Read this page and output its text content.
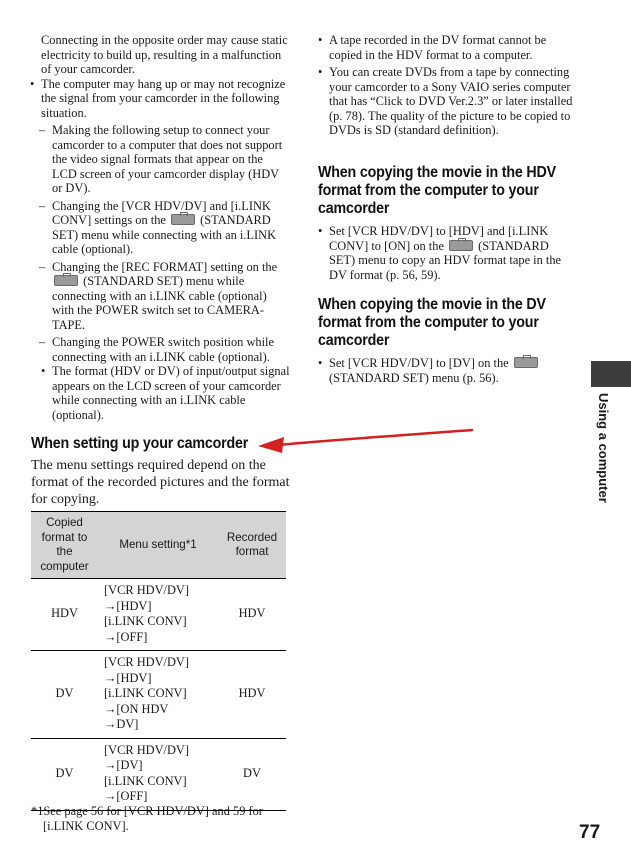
Connecting in the opposite order may cause static electricity to build up, resulting in a malfunction of your camcorder.

• The computer may hang up or may not recognize the signal from your camcorder in the following situation.

– Making the following setup to connect your camcorder to a computer that does not support the video signal formats that appear on the LCD screen of your camcorder display (HDV or DV).

– Changing the [VCR HDV/DV] and [i.LINK CONV] settings on the	(STANDARD SET) menu while connecting with an i.LINK cable (optional).

– Changing the [REC FORMAT] setting on the  (STANDARD SET) menu while connecting with an i.LINK cable (optional) with the POWER switch set to CAMERA-TAPE.

– Changing the POWER switch position while connecting with an i.LINK cable (optional).

• The format (HDV or DV) of input/output signal appears on the LCD screen of your camcorder while connecting with an i.LINK cable (optional).

• A tape recorded in the DV format cannot be copied in the HDV format to a computer.

• You can create DVDs from a tape by connecting your camcorder to a Sony VAIO series computer that has “Click to DVD Ver.2.3” or later installed (p. 78). The quality of the picture to be copied to DVDs is SD (standard definition).

When copying the movie in the HDV
format from the computer to your
camcorder

• Set [VCR HDV/DV] to [HDV] and [i.LINK CONV] to [ON] on the	(STANDARD SET) menu to copy an HDV format tape in the DV format (p. 56, 59).

When copying the movie in the DV
format from the computer to your
camcorder

• Set [VCR HDV/DV] to [DV] on the  (STANDARD SET) menu (p. 56).

When setting up your camcorder

The menu settings required depend on the format of the recorded pictures and the format for copying.

Copied format to the computer	Menu setting*1	Recorded format
HDV	[VCR HDV/DV]
→[HDV]
[i.LINK CONV]
→[OFF]	HDV
DV	[VCR HDV/DV]
→[HDV]
[i.LINK CONV]
→[ON HDV
→DV]	HDV
DV	[VCR HDV/DV]
→[DV]
[i.LINK CONV]
→[OFF]	DV

*1See page 56 for [VCR HDV/DV] and 59 for [i.LINK CONV].

Using a computer
77
